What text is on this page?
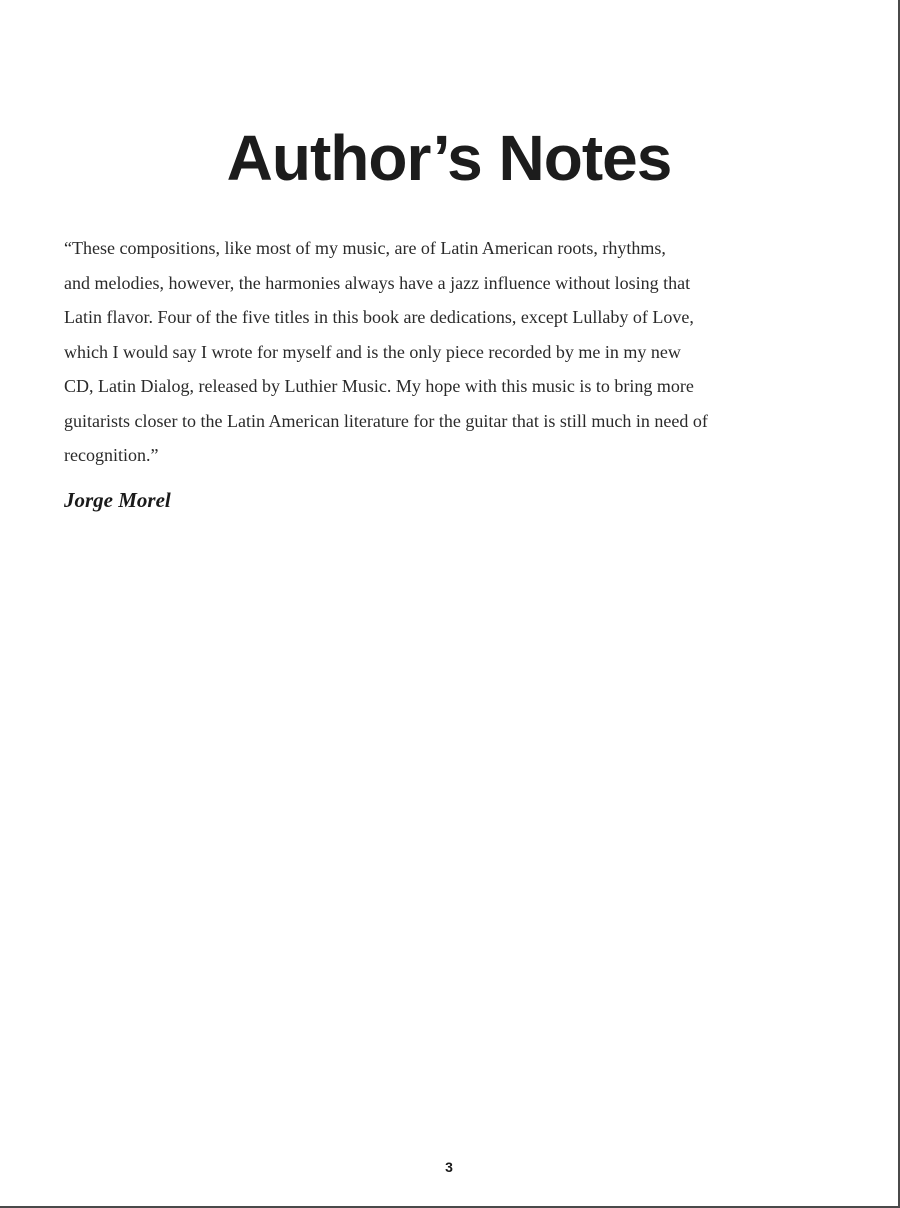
Author’s Notes
“These compositions, like most of my music, are of Latin American roots, rhythms,
and melodies, however, the harmonies always have a jazz influence without losing that
Latin flavor. Four of the five titles in this book are dedications, except Lullaby of Love,
which I would say I wrote for myself and is the only piece recorded by me in my new
CD, Latin Dialog, released by Luthier Music. My hope with this music is to bring more
guitarists closer to the Latin American literature for the guitar that is still much in need of
recognition.”

Jorge Morel

3
